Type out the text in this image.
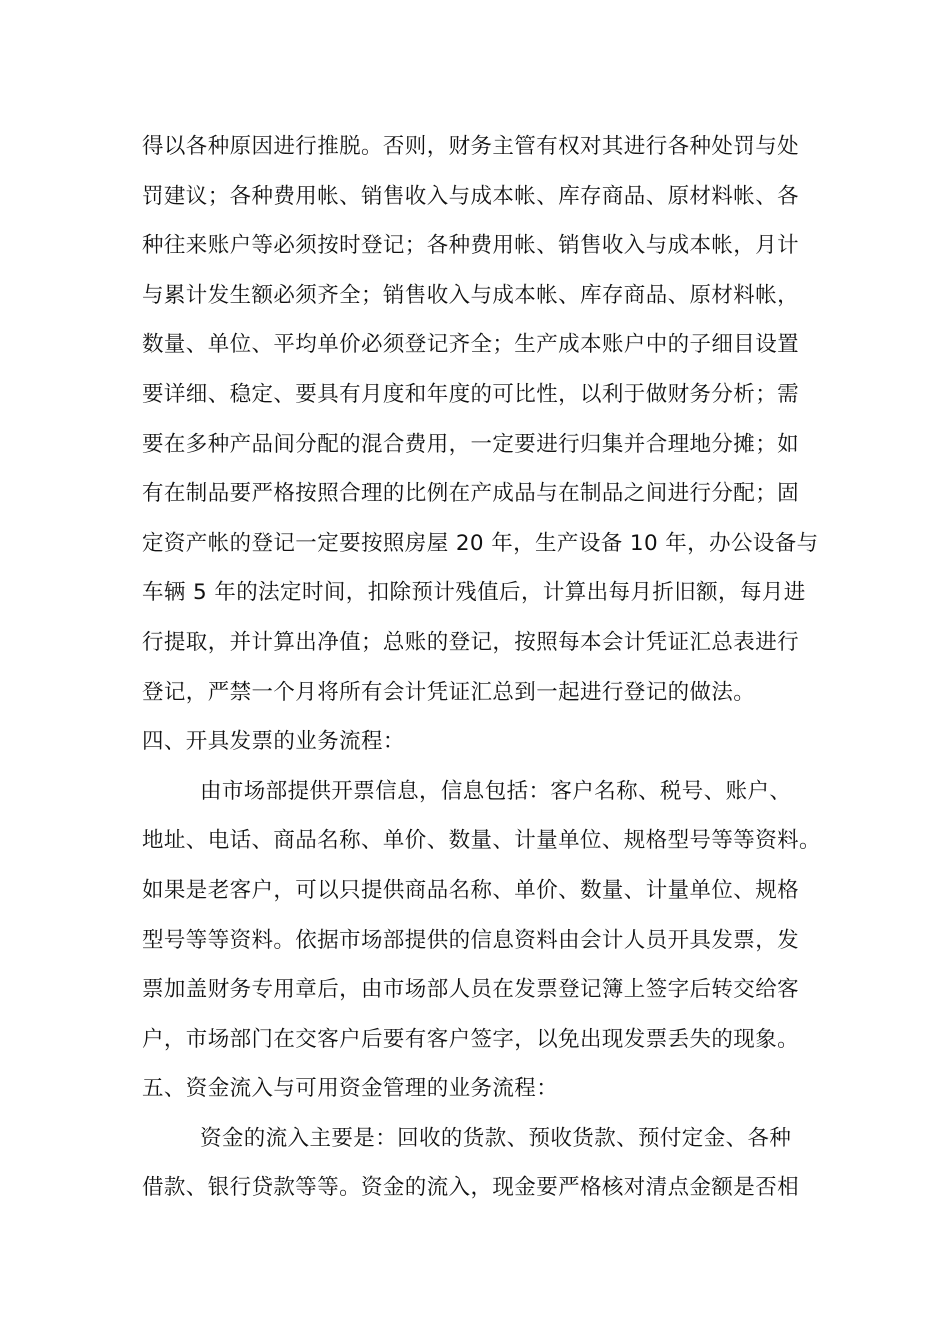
得以各种原因进行推脱。否则，财务主管有权对其进行各种处罚与处
罚建议；各种费用帐、销售收入与成本帐、库存商品、原材料帐、各
种往来账户等必须按时登记；各种费用帐、销售收入与成本帐，月计
与累计发生额必须齐全；销售收入与成本帐、库存商品、原材料帐，
数量、单位、平均单价必须登记齐全；生产成本账户中的子细目设置
要详细、稳定、要具有月度和年度的可比性，以利于做财务分析；需
要在多种产品间分配的混合费用，一定要进行归集并合理地分摊；如
有在制品要严格按照合理的比例在产成品与在制品之间进行分配；固
定资产帐的登记一定要按照房屋 20 年，生产设备 10 年，办公设备与
车辆 5 年的法定时间，扣除预计残值后，计算出每月折旧额，每月进
行提取，并计算出净值；总账的登记，按照每本会计凭证汇总表进行
登记，严禁一个月将所有会计凭证汇总到一起进行登记的做法。
四、开具发票的业务流程：
由市场部提供开票信息，信息包括：客户名称、税号、账户、
地址、电话、商品名称、单价、数量、计量单位、规格型号等等资料。
如果是老客户，可以只提供商品名称、单价、数量、计量单位、规格
型号等等资料。依据市场部提供的信息资料由会计人员开具发票，发
票加盖财务专用章后，由市场部人员在发票登记簿上签字后转交给客
户，市场部门在交客户后要有客户签字，以免出现发票丢失的现象。
五、资金流入与可用资金管理的业务流程：
资金的流入主要是：回收的货款、预收货款、预付定金、各种
借款、银行贷款等等。资金的流入，现金要严格核对清点金额是否相
